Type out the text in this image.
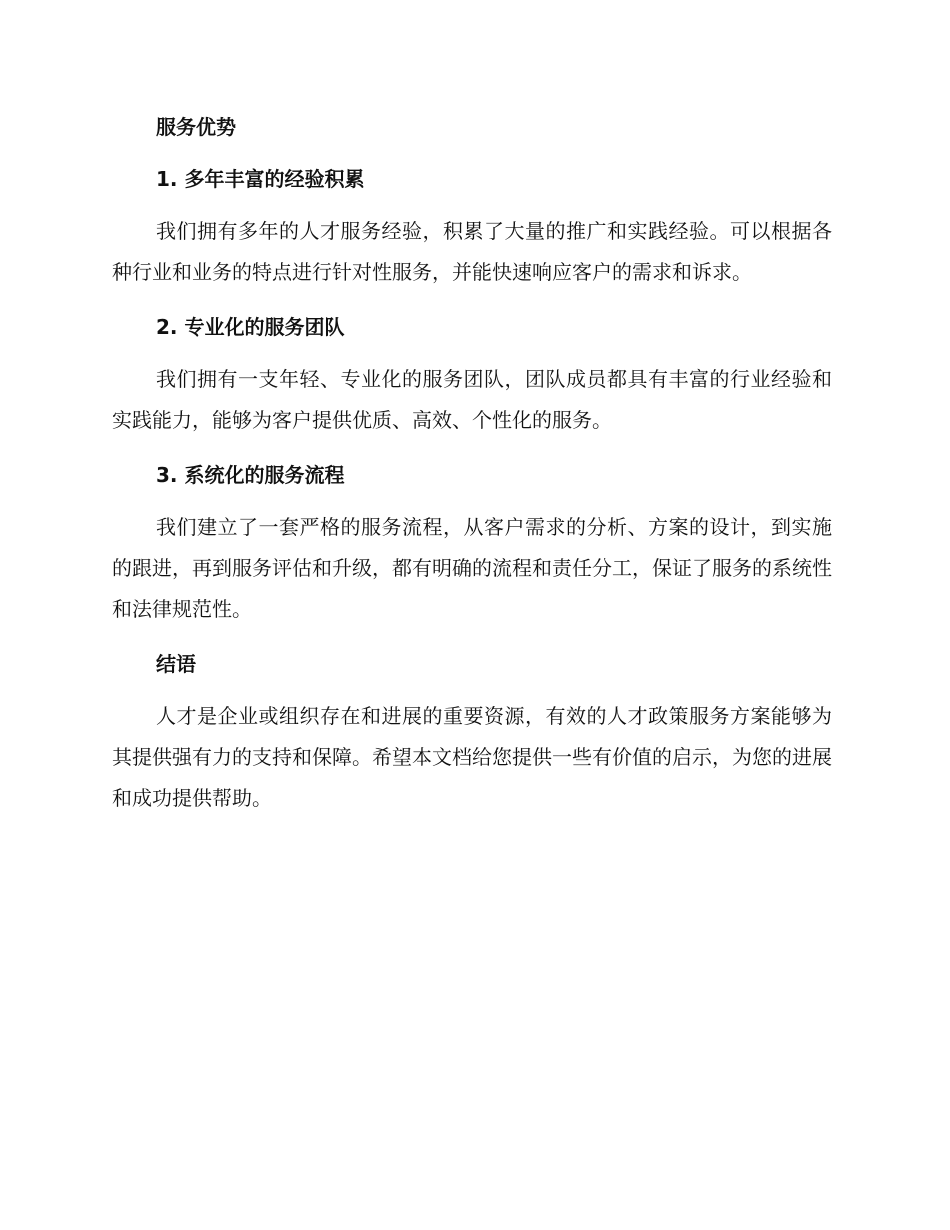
服务优势
1. 多年丰富的经验积累

我们拥有多年的人才服务经验，积累了大量的推广和实践经验。可以根据各种行业和业务的特点进行针对性服务，并能快速响应客户的需求和诉求。

2. 专业化的服务团队

我们拥有一支年轻、专业化的服务团队，团队成员都具有丰富的行业经验和实践能力，能够为客户提供优质、高效、个性化的服务。

3. 系统化的服务流程

我们建立了一套严格的服务流程，从客户需求的分析、方案的设计，到实施的跟进，再到服务评估和升级，都有明确的流程和责任分工，保证了服务的系统性和法律规范性。

结语

人才是企业或组织存在和进展的重要资源，有效的人才政策服务方案能够为其提供强有力的支持和保障。希望本文档给您提供一些有价值的启示，为您的进展和成功提供帮助。
